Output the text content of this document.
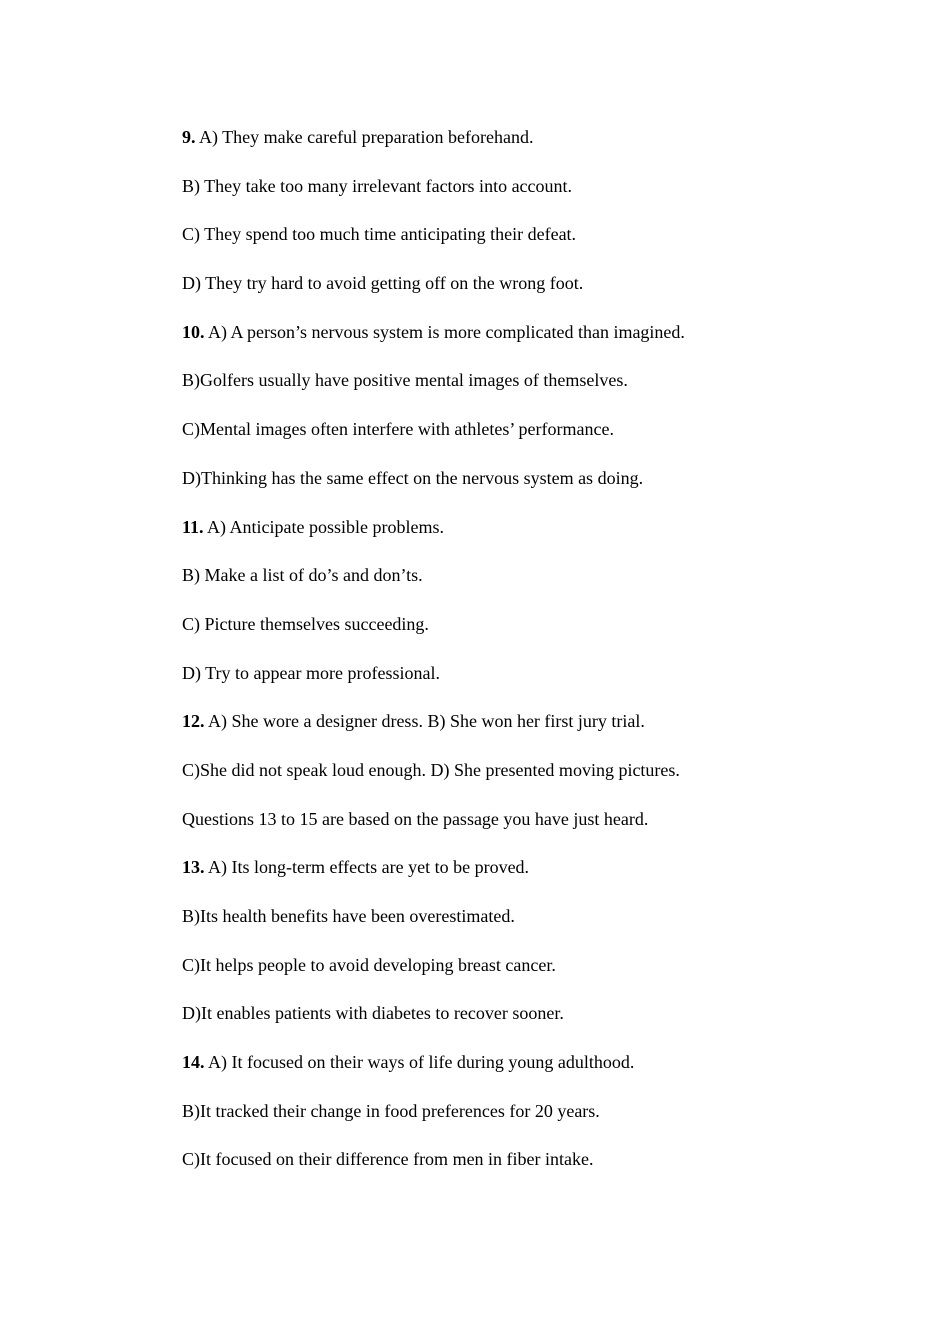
9. A) They make careful preparation beforehand.

B) They take too many irrelevant factors into account.

C) They spend too much time anticipating their defeat.

D) They try hard to avoid getting off on the wrong foot.

10. A) A person’s nervous system is more complicated than imagined.

B)Golfers usually have positive mental images of themselves.

C)Mental images often interfere with athletes’ performance.

D)Thinking has the same effect on the nervous system as doing.

11. A) Anticipate possible problems.

B) Make a list of do’s and don’ts.

C) Picture themselves succeeding.

D) Try to appear more professional.

12. A) She wore a designer dress. B) She won her first jury trial.

C)She did not speak loud enough. D) She presented moving pictures.

Questions 13 to 15 are based on the passage you have just heard.

13. A) Its long-term effects are yet to be proved.

B)Its health benefits have been overestimated.

C)It helps people to avoid developing breast cancer.

D)It enables patients with diabetes to recover sooner.

14. A) It focused on their ways of life during young adulthood.

B)It tracked their change in food preferences for 20 years.

C)It focused on their difference from men in fiber intake.
